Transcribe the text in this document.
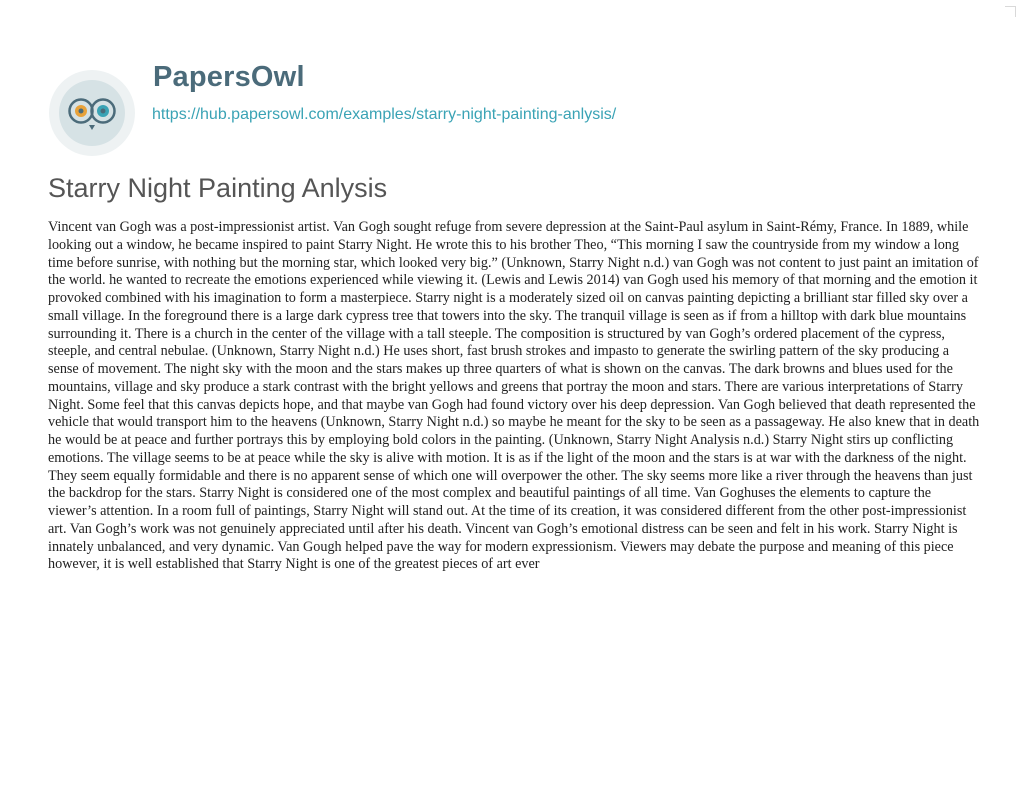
PapersOwl
https://hub.papersowl.com/examples/starry-night-painting-anlysis/
Starry Night Painting Anlysis

Vincent van Gogh was a post-impressionist artist. Van Gogh sought refuge from severe depression at the Saint-Paul asylum in Saint-Rémy, France. In 1889, while looking out a window, he became inspired to paint Starry Night. He wrote this to his brother Theo, “This morning I saw the countryside from my window a long time before sunrise, with nothing but the morning star, which looked very big.” (Unknown, Starry Night n.d.) van Gogh was not content to just paint an imitation of the world. he wanted to recreate the emotions experienced while viewing it. (Lewis and Lewis 2014) van Gogh used his memory of that morning and the emotion it provoked combined with his imagination to form a masterpiece. Starry night is a moderately sized oil on canvas painting depicting a brilliant star filled sky over a small village. In the foreground there is a large dark cypress tree that towers into the sky. The tranquil village is seen as if from a hilltop with dark blue mountains surrounding it. There is a church in the center of the village with a tall steeple. The composition is structured by van Gogh’s ordered placement of the cypress, steeple, and central nebulae. (Unknown, Starry Night n.d.) He uses short, fast brush strokes and impasto to generate the swirling pattern of the sky producing a sense of movement. The night sky with the moon and the stars makes up three quarters of what is shown on the canvas. The dark browns and blues used for the mountains, village and sky produce a stark contrast with the bright yellows and greens that portray the moon and stars. There are various interpretations of Starry Night. Some feel that this canvas depicts hope, and that maybe van Gogh had found victory over his deep depression. Van Gogh believed that death represented the vehicle that would transport him to the heavens (Unknown, Starry Night n.d.) so maybe he meant for the sky to be seen as a passageway. He also knew that in death he would be at peace and further portrays this by employing bold colors in the painting. (Unknown, Starry Night Analysis n.d.) Starry Night stirs up conflicting emotions. The village seems to be at peace while the sky is alive with motion. It is as if the light of the moon and the stars is at war with the darkness of the night. They seem equally formidable and there is no apparent sense of which one will overpower the other. The sky seems more like a river through the heavens than just the backdrop for the stars. Starry Night is considered one of the most complex and beautiful paintings of all time. Van Goghuses the elements to capture the viewer’s attention. In a room full of paintings, Starry Night will stand out. At the time of its creation, it was considered different from the other post-impressionist art. Van Gogh’s work was not genuinely appreciated until after his death. Vincent van Gogh’s emotional distress can be seen and felt in his work. Starry Night is innately unbalanced, and very dynamic. Van Gough helped pave the way for modern expressionism. Viewers may debate the purpose and meaning of this piece however, it is well established that Starry Night is one of the greatest pieces of art ever
